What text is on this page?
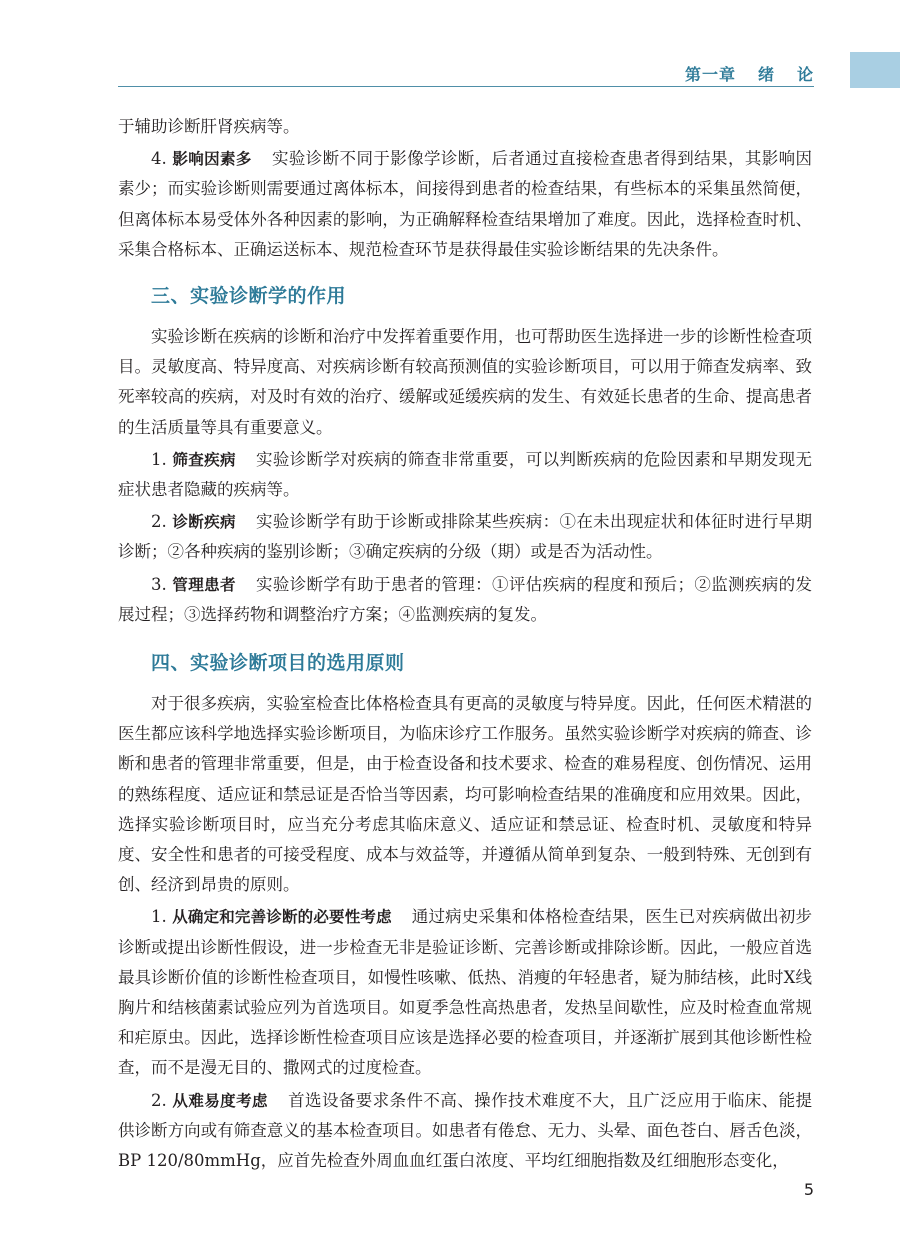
第一章 绪 论

于辅助诊断肝肾疾病等。

4. 影响因素多 实验诊断不同于影像学诊断，后者通过直接检查患者得到结果，其影响因素少；而实验诊断则需要通过离体标本，间接得到患者的检查结果，有些标本的采集虽然简便，但离体标本易受体外各种因素的影响，为正确解释检查结果增加了难度。因此，选择检查时机、采集合格标本、正确运送标本、规范检查环节是获得最佳实验诊断结果的先决条件。

三、实验诊断学的作用

实验诊断在疾病的诊断和治疗中发挥着重要作用，也可帮助医生选择进一步的诊断性检查项目。灵敏度高、特异度高、对疾病诊断有较高预测值的实验诊断项目，可以用于筛查发病率、致死率较高的疾病，对及时有效的治疗、缓解或延缓疾病的发生、有效延长患者的生命、提高患者的生活质量等具有重要意义。

1. 筛查疾病 实验诊断学对疾病的筛查非常重要，可以判断疾病的危险因素和早期发现无症状患者隐藏的疾病等。

2. 诊断疾病 实验诊断学有助于诊断或排除某些疾病：①在未出现症状和体征时进行早期诊断；②各种疾病的鉴别诊断；③确定疾病的分级（期）或是否为活动性。

3. 管理患者 实验诊断学有助于患者的管理：①评估疾病的程度和预后；②监测疾病的发展过程；③选择药物和调整治疗方案；④监测疾病的复发。

四、实验诊断项目的选用原则

对于很多疾病，实验室检查比体格检查具有更高的灵敏度与特异度。因此，任何医术精湛的医生都应该科学地选择实验诊断项目，为临床诊疗工作服务。虽然实验诊断学对疾病的筛查、诊断和患者的管理非常重要，但是，由于检查设备和技术要求、检查的难易程度、创伤情况、运用的熟练程度、适应证和禁忌证是否恰当等因素，均可影响检查结果的准确度和应用效果。因此，选择实验诊断项目时，应当充分考虑其临床意义、适应证和禁忌证、检查时机、灵敏度和特异度、安全性和患者的可接受程度、成本与效益等，并遵循从简单到复杂、一般到特殊、无创到有创、经济到昂贵的原则。

1. 从确定和完善诊断的必要性考虑 通过病史采集和体格检查结果，医生已对疾病做出初步诊断或提出诊断性假设，进一步检查无非是验证诊断、完善诊断或排除诊断。因此，一般应首选最具诊断价值的诊断性检查项目，如慢性咳嗽、低热、消瘦的年轻患者，疑为肺结核，此时X线胸片和结核菌素试验应列为首选项目。如夏季急性高热患者，发热呈间歇性，应及时检查血常规和疟原虫。因此，选择诊断性检查项目应该是选择必要的检查项目，并逐渐扩展到其他诊断性检查，而不是漫无目的、撒网式的过度检查。

2. 从难易度考虑 首选设备要求条件不高、操作技术难度不大，且广泛应用于临床、能提供诊断方向或有筛查意义的基本检查项目。如患者有倦怠、无力、头晕、面色苍白、唇舌色淡，BP 120/80mmHg，应首先检查外周血血红蛋白浓度、平均红细胞指数及红细胞形态变化，

5
